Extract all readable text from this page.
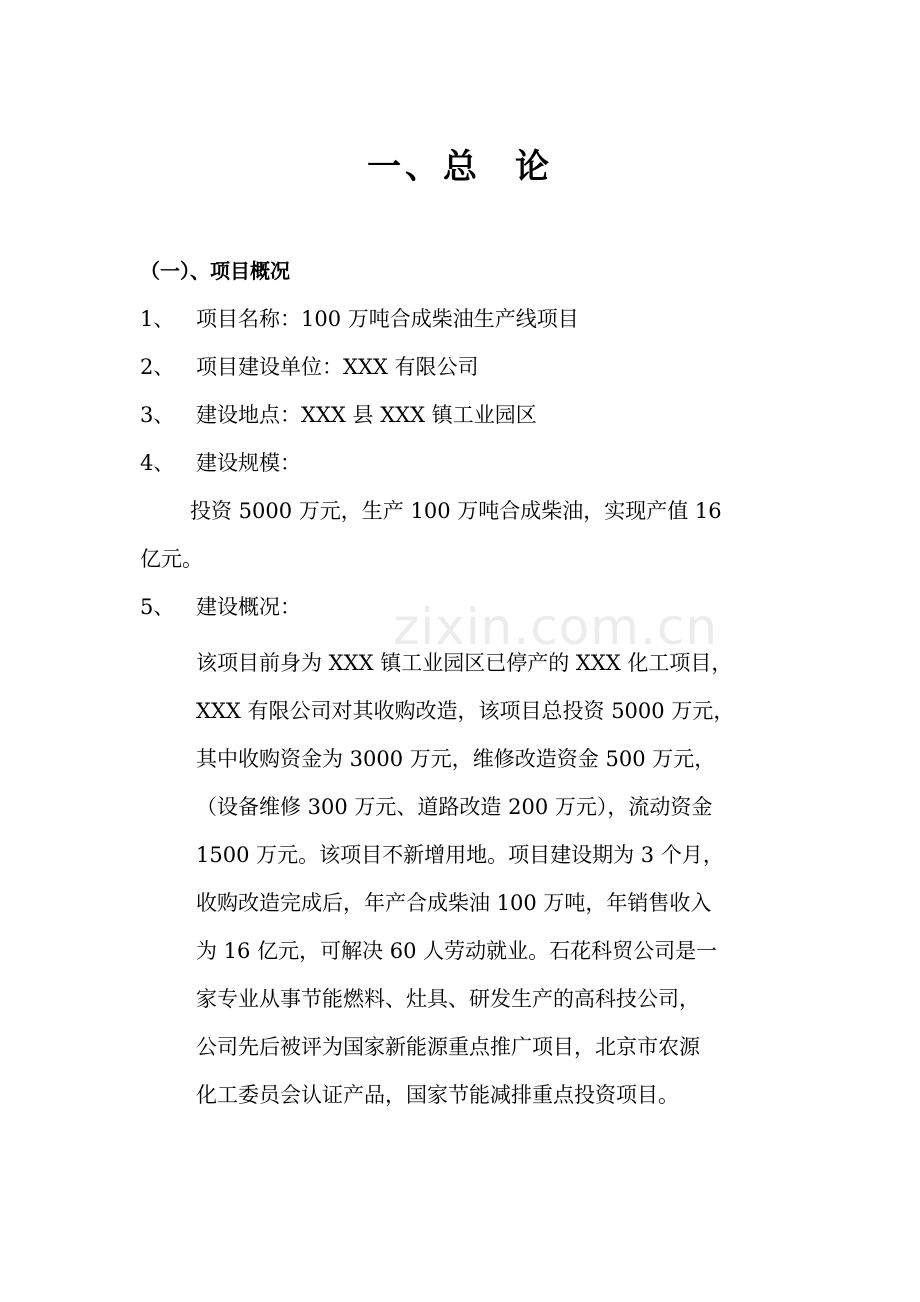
一、总 论
（一）、项目概况
1、 项目名称：100 万吨合成柴油生产线项目
2、 项目建设单位：XXX 有限公司
3、 建设地点：XXX 县 XXX 镇工业园区
4、 建设规模：
投资 5000 万元，生产 100 万吨合成柴油，实现产值 16
亿元。
5、 建设概况： zixin.com.cn
该项目前身为 XXX 镇工业园区已停产的 XXX 化工项目，
XXX 有限公司对其收购改造，该项目总投资 5000 万元，
其中收购资金为 3000 万元，维修改造资金 500 万元，
（设备维修 300 万元、道路改造 200 万元），流动资金
1500 万元。该项目不新增用地。项目建设期为 3 个月，
收购改造完成后，年产合成柴油 100 万吨，年销售收入
为 16 亿元，可解决 60 人劳动就业。石花科贸公司是一
家专业从事节能燃料、灶具、研发生产的高科技公司，
公司先后被评为国家新能源重点推广项目，北京市农源
化工委员会认证产品，国家节能减排重点投资项目。
